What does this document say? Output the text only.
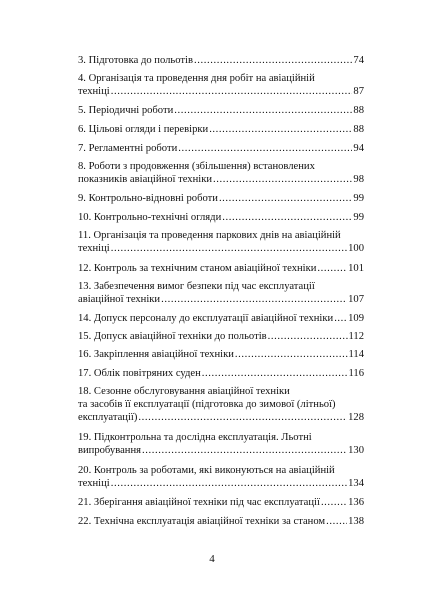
3. Підготовка до польотів .....	74
4. Організація та проведення дня робіт на авіаційній
техніці .....	87
5. Періодичні роботи .....	88
6. Цільові огляди і перевірки .....	88
7. Регламентні роботи .....	94
8. Роботи з продовження (збільшення) встановлених
показників авіаційної техніки .....	98
9. Контрольно-відновні роботи .....	99
10. Контрольно-технічні огляди .....	99
11. Організація та проведення паркових днів на авіаційній
техніці .....	100
12. Контроль за технічним станом авіаційної техніки .....	101
13. Забезпечення вимог безпеки під час експлуатації
авіаційної техніки .....	107
14. Допуск персоналу до експлуатації авіаційної техніки ..... 109
15. Допуск авіаційної техніки до польотів .....	112
16. Закріплення авіаційної техніки .....	114
17. Облік повітряних суден .....	116
18. Сезонне обслуговування авіаційної техніки
та засобів її експлуатації (підготовка до зимової (літньої)
експлуатації) .....	128
19. Підконтрольна та дослідна експлуатація. Льотні
випробування .....	130
20. Контроль за роботами, які виконуються на авіаційній
техніці .....	134
21. Зберігання авіаційної техніки під час експлуатації .....	136
22. Технічна експлуатація авіаційної техніки за станом ..... 138
4
